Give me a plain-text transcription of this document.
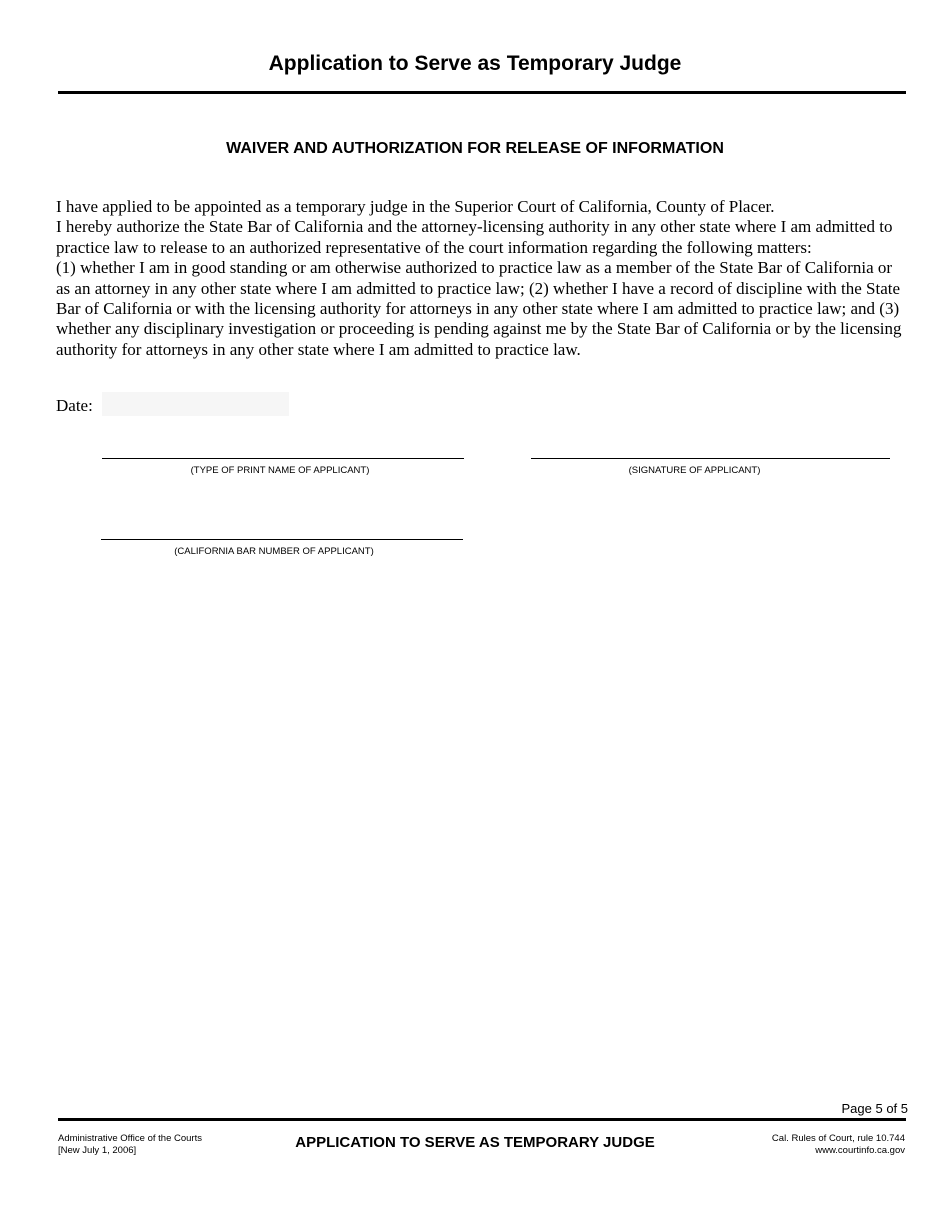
Application to Serve as Temporary Judge
WAIVER AND AUTHORIZATION FOR RELEASE OF INFORMATION

I have applied to be appointed as a temporary judge in the Superior Court of California, County of Placer.

I hereby authorize the State Bar of California and the attorney-licensing authority in any other state where I am admitted to practice law to release to an authorized representative of the court information regarding the following matters:

(1) whether I am in good standing or am otherwise authorized to practice law as a member of the State Bar of California or as an attorney in any other state where I am admitted to practice law; (2) whether I have a record of discipline with the State Bar of California or with the licensing authority for attorneys in any other state where I am admitted to practice law; and (3) whether any disciplinary investigation or proceeding is pending against me by the State Bar of California or by the licensing authority for attorneys in any other state where I am admitted to practice law.

Date:
(TYPE OF PRINT NAME OF APPLICANT)	(SIGNATURE OF APPLICANT)
(CALIFORNIA BAR NUMBER OF APPLICANT)
Page 5 of 5
Administrative Office of the Courts
[New July 1, 2006]	APPLICATION TO SERVE AS TEMPORARY JUDGE	Cal. Rules of Court, rule 10.744
www.courtinfo.ca.gov
